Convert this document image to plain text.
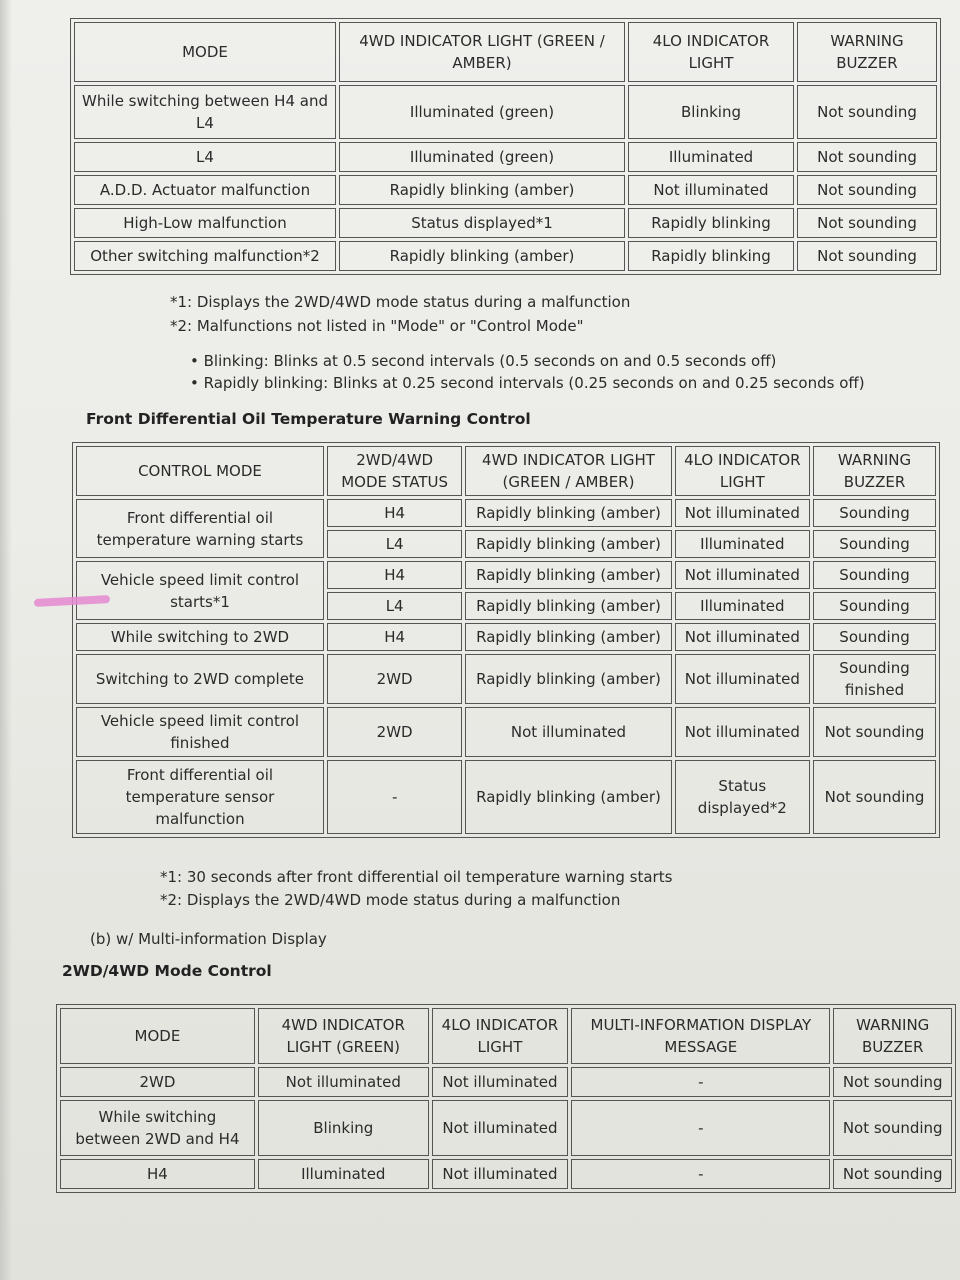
MODE	4WD INDICATOR LIGHT (GREEN / AMBER)	4LO INDICATOR LIGHT	WARNING BUZZER
While switching between H4 and L4	Illuminated (green)	Blinking	Not sounding
L4	Illuminated (green)	Illuminated	Not sounding
A.D.D. Actuator malfunction	Rapidly blinking (amber)	Not illuminated	Not sounding
High-Low malfunction	Status displayed*1	Rapidly blinking	Not sounding
Other switching malfunction*2	Rapidly blinking (amber)	Rapidly blinking	Not sounding
*1: Displays the 2WD/4WD mode status during a malfunction
*2: Malfunctions not listed in "Mode" or "Control Mode"
• Blinking: Blinks at 0.5 second intervals (0.5 seconds on and 0.5 seconds off)
• Rapidly blinking: Blinks at 0.25 second intervals (0.25 seconds on and 0.25 seconds off)
Front Differential Oil Temperature Warning Control
CONTROL MODE	2WD/4WD MODE STATUS	4WD INDICATOR LIGHT (GREEN / AMBER)	4LO INDICATOR LIGHT	WARNING BUZZER
Front differential oil temperature warning starts	H4	Rapidly blinking (amber)	Not illuminated	Sounding
	L4	Rapidly blinking (amber)	Illuminated	Sounding
Vehicle speed limit control starts*1	H4	Rapidly blinking (amber)	Not illuminated	Sounding
	L4	Rapidly blinking (amber)	Illuminated	Sounding
While switching to 2WD	H4	Rapidly blinking (amber)	Not illuminated	Sounding
Switching to 2WD complete	2WD	Rapidly blinking (amber)	Not illuminated	Sounding finished
Vehicle speed limit control finished	2WD	Not illuminated	Not illuminated	Not sounding
Front differential oil temperature sensor malfunction	-	Rapidly blinking (amber)	Status displayed*2	Not sounding
*1: 30 seconds after front differential oil temperature warning starts
*2: Displays the 2WD/4WD mode status during a malfunction
(b) w/ Multi-information Display
2WD/4WD Mode Control
MODE	4WD INDICATOR LIGHT (GREEN)	4LO INDICATOR LIGHT	MULTI-INFORMATION DISPLAY MESSAGE	WARNING BUZZER
2WD	Not illuminated	Not illuminated	-	Not sounding
While switching between 2WD and H4	Blinking	Not illuminated	-	Not sounding
H4	Illuminated	Not illuminated	-	Not sounding
